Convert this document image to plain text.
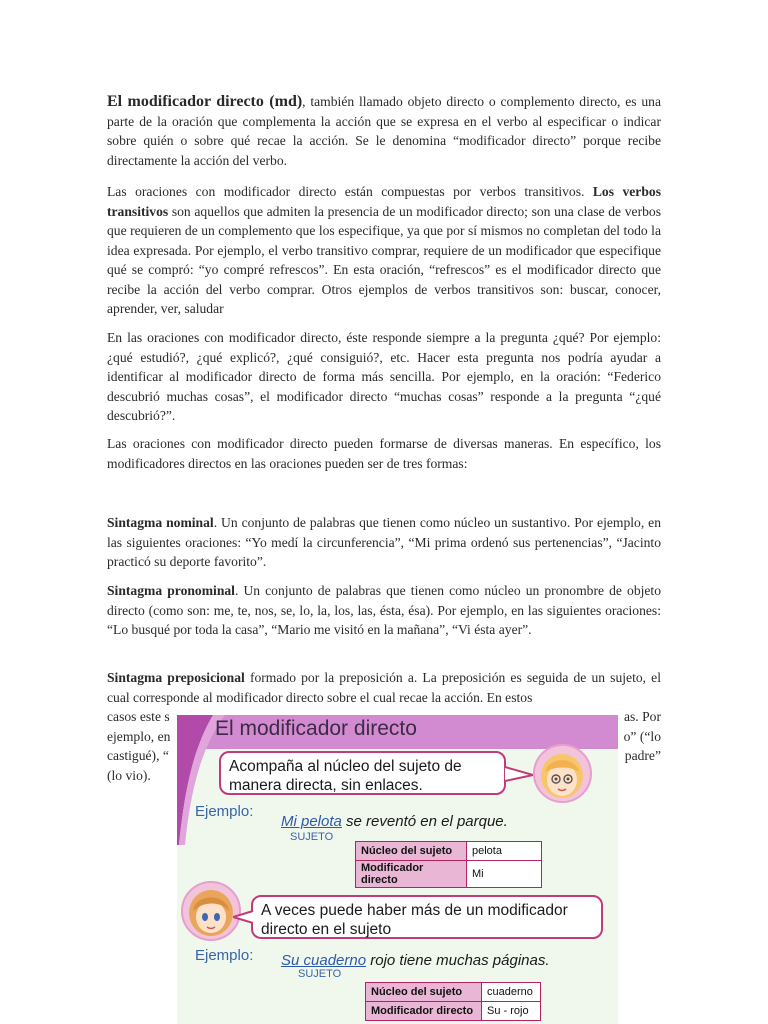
El modificador directo (md), también llamado objeto directo o complemento directo, es una parte de la oración que complementa la acción que se expresa en el verbo al especificar o indicar sobre quién o sobre qué recae la acción. Se le denomina “modificador directo” porque recibe directamente la acción del verbo.

Las oraciones con modificador directo están compuestas por verbos transitivos. Los verbos transitivos son aquellos que admiten la presencia de un modificador directo; son una clase de verbos que requieren de un complemento que los especifique, ya que por sí mismos no completan del todo la idea expresada. Por ejemplo, el verbo transitivo comprar, requiere de un modificador que especifique qué se compró: “yo compré refrescos”. En esta oración, “refrescos” es el modificador directo que recibe la acción del verbo comprar. Otros ejemplos de verbos transitivos son: buscar, conocer, aprender, ver, saludar

En las oraciones con modificador directo, éste responde siempre a la pregunta ¿qué? Por ejemplo: ¿qué estudió?, ¿qué explicó?, ¿qué consiguió?, etc. Hacer esta pregunta nos podría ayudar a identificar al modificador directo de forma más sencilla. Por ejemplo, en la oración: “Federico descubrió muchas cosas”, el modificador directo “muchas cosas” responde a la pregunta “¿qué descubrió?”.

Las oraciones con modificador directo pueden formarse de diversas maneras. En específico, los modificadores directos en las oraciones pueden ser de tres formas:

Sintagma nominal. Un conjunto de palabras que tienen como núcleo un sustantivo. Por ejemplo, en las siguientes oraciones: “Yo medí la circunferencia”, “Mi prima ordenó sus pertenencias”, “Jacinto practicó su deporte favorito”.

Sintagma pronominal. Un conjunto de palabras que tienen como núcleo un pronombre de objeto directo (como son: me, te, nos, se, lo, la, los, las, ésta, ésa). Por ejemplo, en las siguientes oraciones: “Lo busqué por toda la casa”, “Mario me visitó en la mañana”, “Vi ésta ayer”.

Sintagma preposicional formado por la preposición a. La preposición es seguida de un sujeto, el cual corresponde al modificador directo sobre el cual recae la acción. En estos

casos este s	as. Por
ejemplo, en	o” (“lo
castigué), “	padre”
(lo vio).
El modificador directo
Acompaña al núcleo del sujeto de manera directa, sin enlaces.
Ejemplo:
Mi pelota se reventó en el parque.
SUJETO
Núcleo del sujeto	pelota
Modificador directo	Mi
A veces puede haber más de un modificador directo en el sujeto
Ejemplo: Su cuaderno rojo tiene muchas páginas.
SUJETO
Núcleo del sujeto	cuaderno
Modificador directo	Su - rojo
